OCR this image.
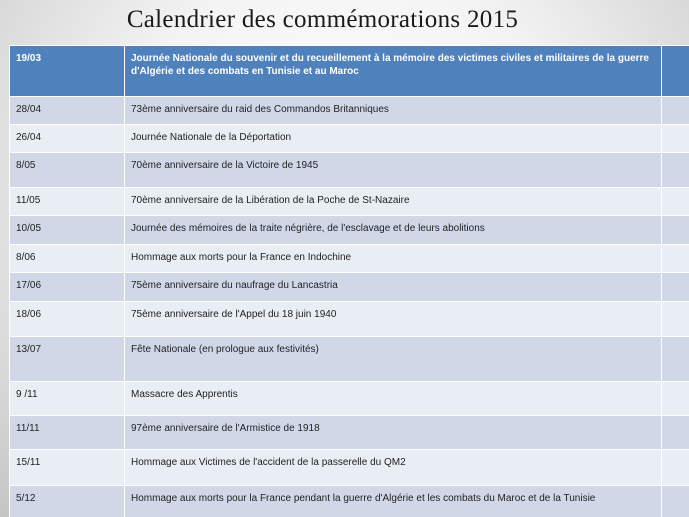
Calendrier des commémorations 2015
19/03	Journée Nationale du souvenir et du recueillement à la mémoire des victimes civiles et militaires de la guerre d'Algérie et des combats en Tunisie et au Maroc	
28/04	73ème anniversaire du raid des Commandos Britanniques	
26/04	Journée Nationale de la Déportation	
8/05	70ème anniversaire de la Victoire de 1945	
11/05	70ème anniversaire de la Libération de la Poche de St-Nazaire	
10/05	Journée des mémoires de la traite négrière, de l'esclavage et de leurs abolitions	
8/06	Hommage aux morts pour la France en Indochine	
17/06	75ème anniversaire du naufrage du Lancastria	
18/06	75ème anniversaire de l'Appel du 18 juin 1940	
13/07	Fête Nationale (en prologue aux festivités)	
9 /11	Massacre des Apprentis	
11/11	97ème anniversaire de l'Armistice de 1918	
15/11	Hommage aux Victimes de l'accident de la passerelle du QM2	
5/12	Hommage aux morts pour la France pendant la guerre d'Algérie et les combats du Maroc et de la Tunisie	
